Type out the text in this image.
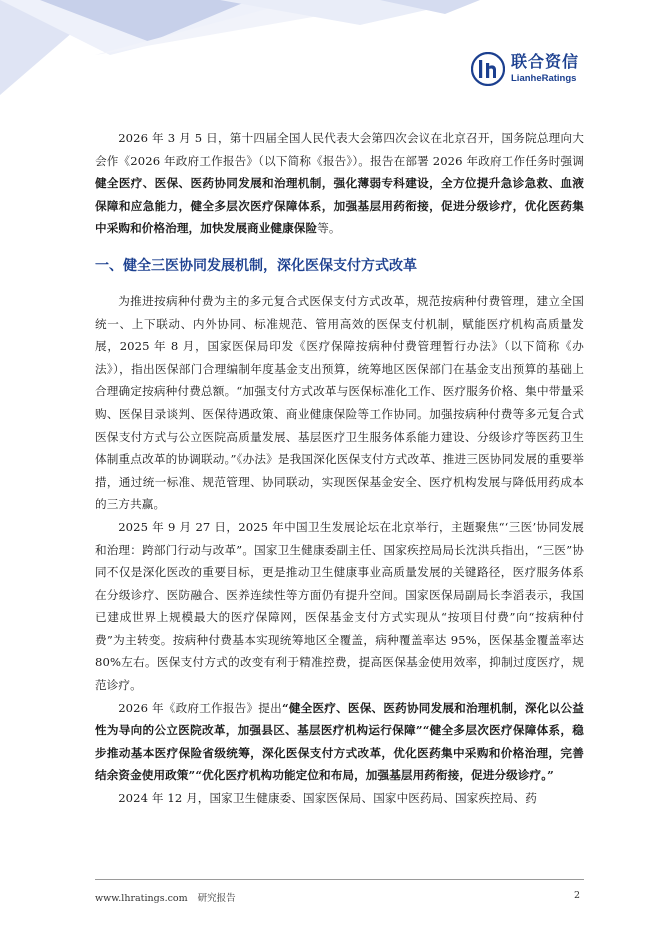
联合资信
LianheRatings

2026 年 3 月 5 日，第十四届全国人民代表大会第四次会议在北京召开，国务院总理向大会作《2026 年政府工作报告》（以下简称《报告》）。报告在部署 2026 年政府工作任务时强调健全医疗、医保、医药协同发展和治理机制，强化薄弱专科建设，全方位提升急诊急救、血液保障和应急能力，健全多层次医疗保障体系，加强基层用药衔接，促进分级诊疗，优化医药集中采购和价格治理，加快发展商业健康保险等。

一、健全三医协同发展机制，深化医保支付方式改革

为推进按病种付费为主的多元复合式医保支付方式改革，规范按病种付费管理，建立全国统一、上下联动、内外协同、标准规范、管用高效的医保支付机制，赋能医疗机构高质量发展，2025 年 8 月，国家医保局印发《医疗保障按病种付费管理暂行办法》（以下简称《办法》），指出医保部门合理编制年度基金支出预算，统筹地区医保部门在基金支出预算的基础上合理确定按病种付费总额。“加强支付方式改革与医保标准化工作、医疗服务价格、集中带量采购、医保目录谈判、医保待遇政策、商业健康保险等工作协同。加强按病种付费等多元复合式医保支付方式与公立医院高质量发展、基层医疗卫生服务体系能力建设、分级诊疗等医药卫生体制重点改革的协调联动。”《办法》是我国深化医保支付方式改革、推进三医协同发展的重要举措，通过统一标准、规范管理、协同联动，实现医保基金安全、医疗机构发展与降低用药成本的三方共赢。

2025 年 9 月 27 日，2025 年中国卫生发展论坛在北京举行，主题聚焦“‘三医’协同发展和治理：跨部门行动与改革”。国家卫生健康委副主任、国家疾控局局长沈洪兵指出，“三医”协同不仅是深化医改的重要目标，更是推动卫生健康事业高质量发展的关键路径，医疗服务体系在分级诊疗、医防融合、医养连续性等方面仍有提升空间。国家医保局副局长李滔表示，我国已建成世界上规模最大的医疗保障网，医保基金支付方式实现从“按项目付费”向“按病种付费”为主转变。按病种付费基本实现统筹地区全覆盖，病种覆盖率达 95%，医保基金覆盖率达 80%左右。医保支付方式的改变有利于精准控费，提高医保基金使用效率，抑制过度医疗，规范诊疗。

2026 年《政府工作报告》提出“健全医疗、医保、医药协同发展和治理机制，深化以公益性为导向的公立医院改革，加强县区、基层医疗机构运行保障”“健全多层次医疗保障体系，稳步推动基本医疗保险省级统筹，深化医保支付方式改革，优化医药集中采购和价格治理，完善结余资金使用政策”“优化医疗机构功能定位和布局，加强基层用药衔接，促进分级诊疗。”

2024 年 12 月，国家卫生健康委、国家医保局、国家中医药局、国家疾控局、药

www.lhratings.com 研究报告	2
